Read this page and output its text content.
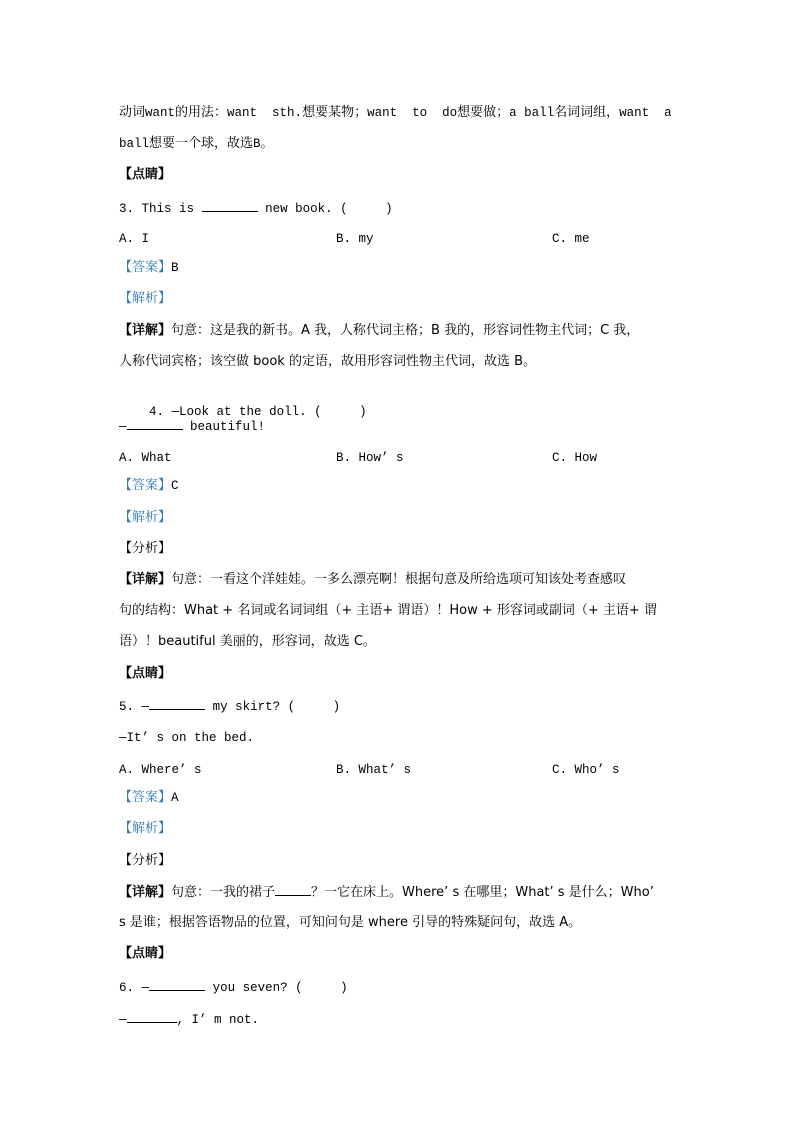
动词want的用法：want  sth.想要某物；want  to  do想要做；a ball名词词组，want  a
ball想要一个球，故选B。
【点睛】
3. This is	new book. (     )
A. I	B. my	C. me
【答案】B
【解析】
【详解】句意：这是我的新书。A 我，人称代词主格；B 我的，形容词性物主代词；C 我，
人称代词宾格；该空做 book 的定语，故用形容词性物主代词，故选 B。

4. —Look at the doll. (     )

—	beautiful!
A. What	B. How’ s	C. How
【答案】C
【解析】
【分析】
【详解】句意：一看这个洋娃娃。一多么漂亮啊！根据句意及所给选项可知该处考查感叹
句的结构：What + 名词或名词词组（+ 主语+ 谓语）！How + 形容词或副词（+ 主语+ 谓
语）！beautiful 美丽的，形容词，故选 C。
【点睛】
5. —	my skirt? (     )
—It’ s on the bed.
A. Where’ s	B. What’ s	C. Who’ s
【答案】A
【解析】
【分析】
【详解】句意：一我的裙子	？一它在床上。Where’ s 在哪里；What’ s 是什么；Who’
s 是谁；根据答语物品的位置，可知问句是 where 引导的特殊疑问句，故选 A。
【点睛】
6. —	you seven? (     )
—	, I’ m not.
